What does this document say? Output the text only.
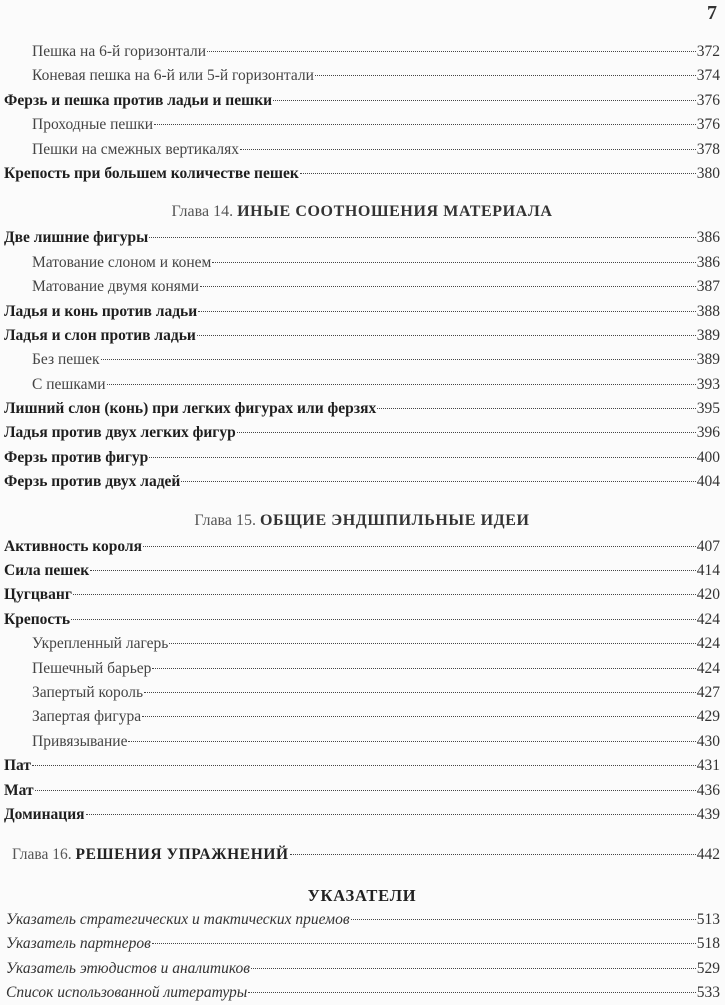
7
Пешка на 6-й горизонтали	372
Коневая пешка на 6-й или 5-й горизонтали	374
Ферзь и пешка против ладьи и пешки	376
Проходные пешки	376
Пешки на смежных вертикалях	378
Крепость при большем количестве пешек	380
Глава 14. ИНЫЕ СООТНОШЕНИЯ МАТЕРИАЛА
Две лишние фигуры	386
Матование слоном и конем	386
Матование двумя конями	387
Ладья и конь против ладьи	388
Ладья и слон против ладьи	389
Без пешек	389
С пешками	393
Лишний слон (конь) при легких фигурах или ферзях	395
Ладья против двух легких фигур	396
Ферзь против фигур	400
Ферзь против двух ладей	404
Глава 15. ОБЩИЕ ЭНДШПИЛЬНЫЕ ИДЕИ
Активность короля	407
Сила пешек	414
Цугцванг	420
Крепость	424
Укрепленный лагерь	424
Пешечный барьер	424
Запертый король	427
Запертая фигура	429
Привязывание	430
Пат	431
Мат	436
Доминация	439
Глава 16. РЕШЕНИЯ УПРАЖНЕНИЙ	442
УКАЗАТЕЛИ
Указатель стратегических и тактических приемов	513
Указатель партнеров	518
Указатель этюдистов и аналитиков	529
Список использованной литературы	533
